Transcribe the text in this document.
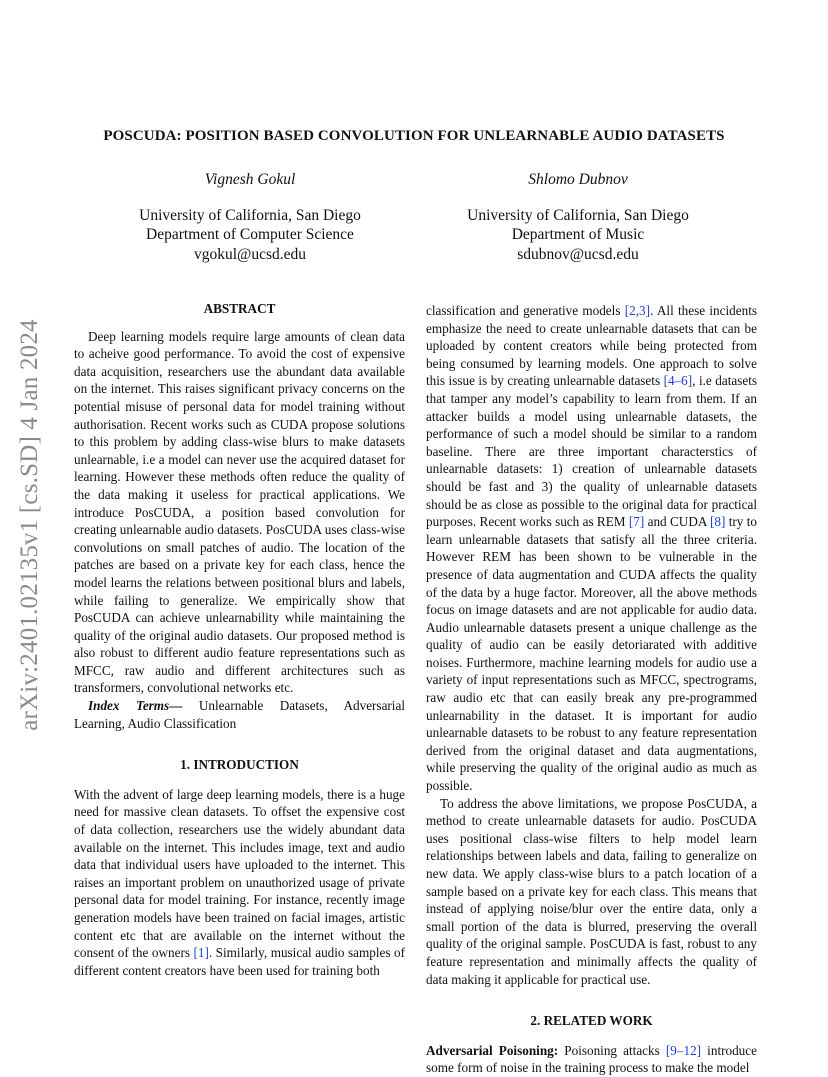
arXiv:2401.02135v1 [cs.SD] 4 Jan 2024
POSCUDA: POSITION BASED CONVOLUTION FOR UNLEARNABLE AUDIO DATASETS
Vignesh Gokul
University of California, San Diego
Department of Computer Science
vgokul@ucsd.edu
Shlomo Dubnov
University of California, San Diego
Department of Music
sdubnov@ucsd.edu
ABSTRACT

Deep learning models require large amounts of clean data to acheive good performance. To avoid the cost of expensive data acquisition, researchers use the abundant data available on the internet. This raises significant privacy concerns on the potential misuse of personal data for model training without authorisation. Recent works such as CUDA propose solutions to this problem by adding class-wise blurs to make datasets unlearnable, i.e a model can never use the acquired dataset for learning. However these methods often reduce the quality of the data making it useless for practical applications. We introduce PosCUDA, a position based convolution for creating unlearnable audio datasets. PosCUDA uses class-wise convolutions on small patches of audio. The location of the patches are based on a private key for each class, hence the model learns the relations between positional blurs and labels, while failing to generalize. We empirically show that PosCUDA can achieve unlearnability while maintaining the quality of the original audio datasets. Our proposed method is also robust to different audio feature representations such as MFCC, raw audio and different architectures such as transformers, convolutional networks etc.

Index Terms— Unlearnable Datasets, Adversarial Learning, Audio Classification

1. INTRODUCTION

With the advent of large deep learning models, there is a huge need for massive clean datasets. To offset the expensive cost of data collection, researchers use the widely abundant data available on the internet. This includes image, text and audio data that individual users have uploaded to the internet. This raises an important problem on unauthorized usage of private personal data for model training. For instance, recently image generation models have been trained on facial images, artistic content etc that are available on the internet without the consent of the owners [1]. Similarly, musical audio samples of different content creators have been used for training both

classification and generative models [2,3]. All these incidents emphasize the need to create unlearnable datasets that can be uploaded by content creators while being protected from being consumed by learning models. One approach to solve this issue is by creating unlearnable datasets [4–6], i.e datasets that tamper any model’s capability to learn from them. If an attacker builds a model using unlearnable datasets, the performance of such a model should be similar to a random baseline. There are three important characterstics of unlearnable datasets: 1) creation of unlearnable datasets should be fast and 3) the quality of unlearnable datasets should be as close as possible to the original data for practical purposes. Recent works such as REM [7] and CUDA [8] try to learn unlearnable datasets that satisfy all the three criteria. However REM has been shown to be vulnerable in the presence of data augmentation and CUDA affects the quality of the data by a huge factor. Moreover, all the above methods focus on image datasets and are not applicable for audio data. Audio unlearnable datasets present a unique challenge as the quality of audio can be easily detoriarated with additive noises. Furthermore, machine learning models for audio use a variety of input representations such as MFCC, spectrograms, raw audio etc that can easily break any pre-programmed unlearnability in the dataset. It is important for audio unlearnable datasets to be robust to any feature representation derived from the original dataset and data augmentations, while preserving the quality of the original audio as much as possible.

To address the above limitations, we propose PosCUDA, a method to create unlearnable datasets for audio. PosCUDA uses positional class-wise filters to help model learn relationships between labels and data, failing to generalize on new data. We apply class-wise blurs to a patch location of a sample based on a private key for each class. This means that instead of applying noise/blur over the entire data, only a small portion of the data is blurred, preserving the overall quality of the original sample. PosCUDA is fast, robust to any feature representation and minimally affects the quality of data making it applicable for practical use.

2. RELATED WORK

Adversarial Poisoning: Poisoning attacks [9–12] introduce some form of noise in the training process to make the model
